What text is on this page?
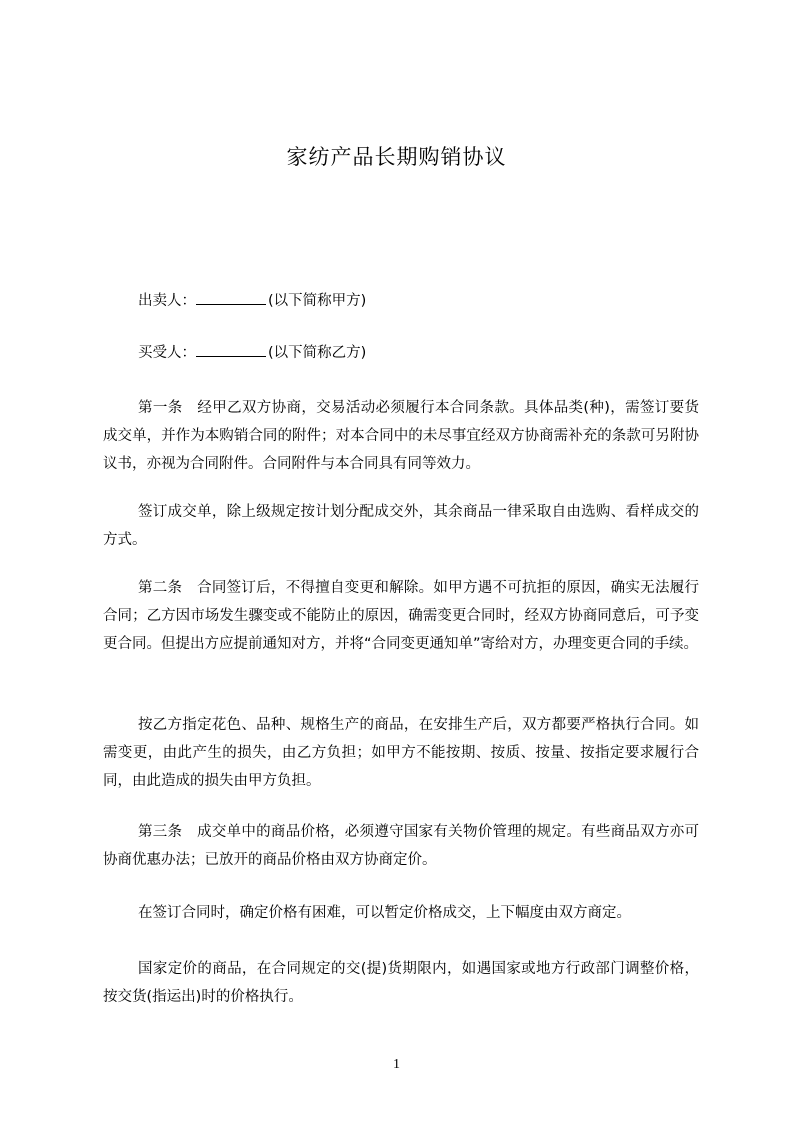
家纺产品长期购销协议

出卖人：	(以下简称甲方)

买受人：	(以下简称乙方)

第一条　经甲乙双方协商，交易活动必须履行本合同条款。具体品类(种)，需签订要货成交单，并作为本购销合同的附件；对本合同中的未尽事宜经双方协商需补充的条款可另附协议书，亦视为合同附件。合同附件与本合同具有同等效力。

签订成交单，除上级规定按计划分配成交外，其余商品一律采取自由选购、看样成交的方式。

第二条　合同签订后，不得擅自变更和解除。如甲方遇不可抗拒的原因，确实无法履行合同；乙方因市场发生骤变或不能防止的原因，确需变更合同时，经双方协商同意后，可予变更合同。但提出方应提前通知对方，并将“合同变更通知单”寄给对方，办理变更合同的手续。

按乙方指定花色、品种、规格生产的商品，在安排生产后，双方都要严格执行合同。如需变更，由此产生的损失，由乙方负担；如甲方不能按期、按质、按量、按指定要求履行合同，由此造成的损失由甲方负担。

第三条　成交单中的商品价格，必须遵守国家有关物价管理的规定。有些商品双方亦可协商优惠办法；已放开的商品价格由双方协商定价。

在签订合同时，确定价格有困难，可以暂定价格成交，上下幅度由双方商定。

国家定价的商品，在合同规定的交(提)货期限内，如遇国家或地方行政部门调整价格，按交货(指运出)时的价格执行。

1
